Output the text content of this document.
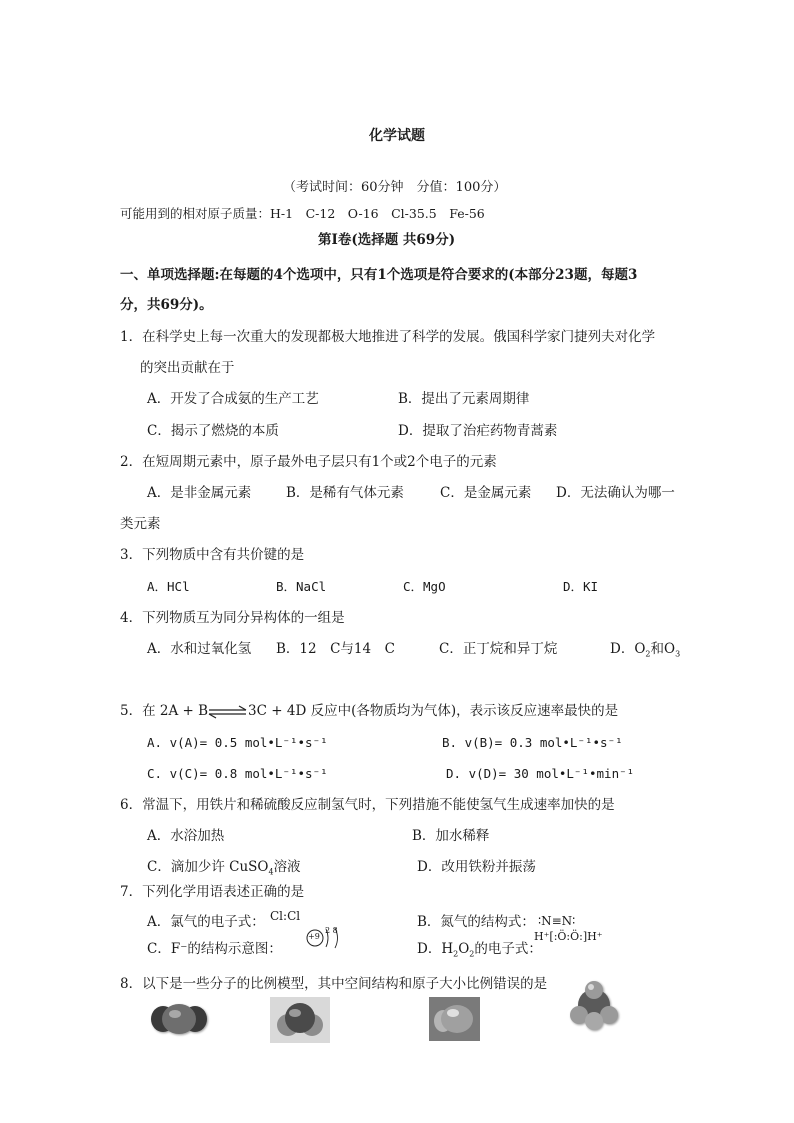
化学试题
（考试时间：60分钟　分值：100分）
可能用到的相对原子质量：H-1　C-12　O-16　Cl-35.5　Fe-56
第Ⅰ卷(选择题 共69分)
一、单项选择题:在每题的4个选项中，只有1个选项是符合要求的(本部分23题，每题3
分，共69分)。
1．在科学史上每一次重大的发现都极大地推进了科学的发展。俄国科学家门捷列夫对化学
的突出贡献在于
A．开发了合成氨的生产工艺	B．提出了元素周期律
C．揭示了燃烧的本质	D．提取了治疟药物青蒿素
2．在短周期元素中，原子最外电子层只有1个或2个电子的元素
A．是非金属元素	B．是稀有气体元素	C．是金属元素 D．无法确认为哪一
类元素
3．下列物质中含有共价键的是
A．HCl	B．NaCl	C．MgO	D．KI
4．下列物质互为同分异构体的一组是
A．水和过氧化氢 B．12　C与14　C	C．正丁烷和异丁烷	D．$O_2$和$O_3$
5．在 2A + B⇌3C + 4D 反应中(各物质均为气体)，表示该反应速率最快的是
A. v(A)= 0.5 mol•L⁻¹•s⁻¹	B. v(B)= 0.3 mol•L⁻¹•s⁻¹
C. v(C)= 0.8 mol•L⁻¹•s⁻¹	D. v(D)= 30 mol•L⁻¹•min⁻¹
6．常温下，用铁片和稀硫酸反应制氢气时，下列措施不能使氢气生成速率加快的是
A．水浴加热	B．加水稀释
C．滴加少许 CuSO$_4$溶液	D．改用铁粉并振荡
7．下列化学用语表述正确的是
A．氯气的电子式： Cl:Cl	B．氮气的结构式： ∶N≡N∶
C．F⁻的结构示意图：
+9
2 8
D．$H_2O_2$的电子式：
H⁺[:Ö:Ö:]H⁺
8．以下是一些分子的比例模型，其中空间结构和原子大小比例错误的是
